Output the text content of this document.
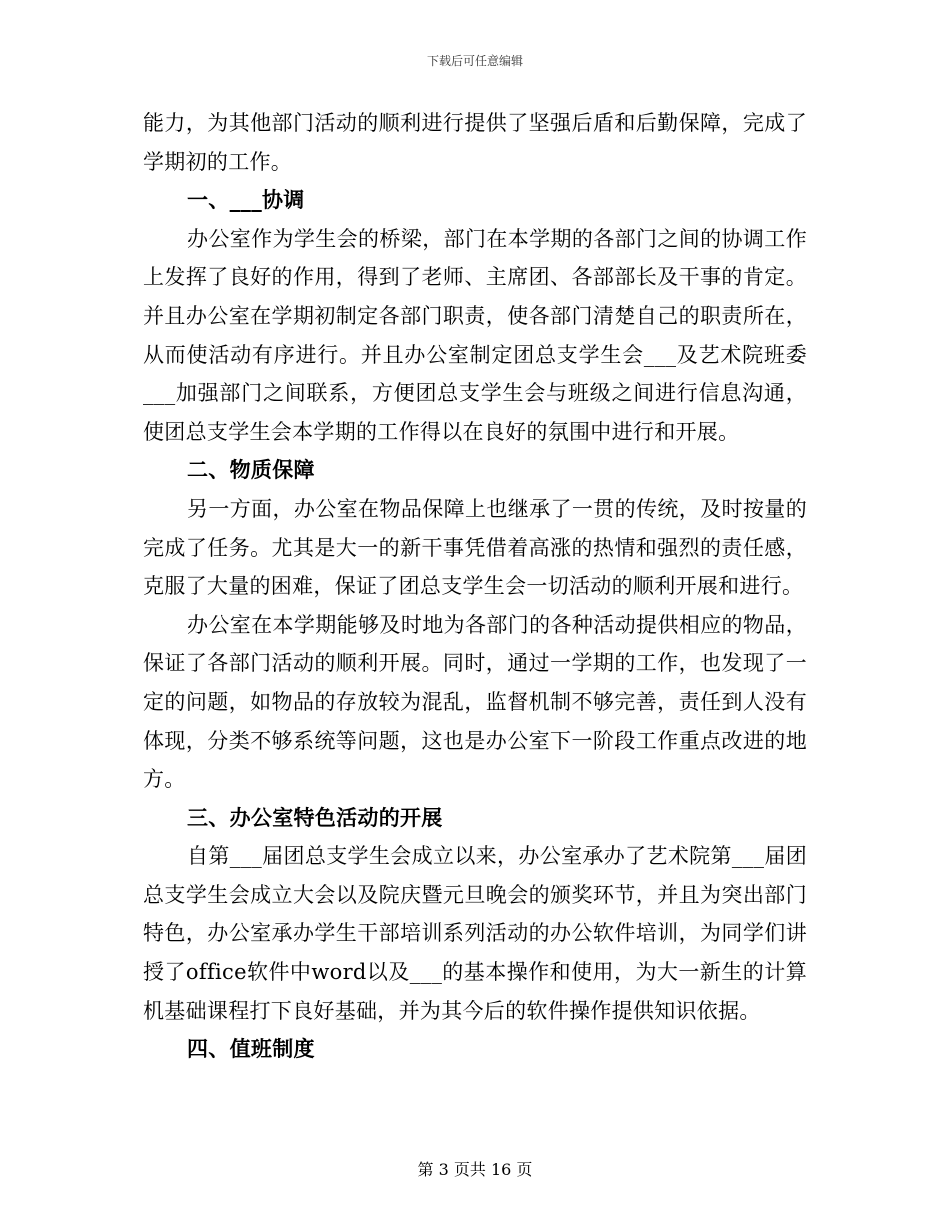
下载后可任意编辑

能力，为其他部门活动的顺利进行提供了坚强后盾和后勤保障，完成了学期初的工作。

一、___协调

办公室作为学生会的桥梁，部门在本学期的各部门之间的协调工作上发挥了良好的作用，得到了老师、主席团、各部部长及干事的肯定。并且办公室在学期初制定各部门职责，使各部门清楚自己的职责所在，从而使活动有序进行。并且办公室制定团总支学生会___及艺术院班委___加强部门之间联系，方便团总支学生会与班级之间进行信息沟通，使团总支学生会本学期的工作得以在良好的氛围中进行和开展。

二、物质保障

另一方面，办公室在物品保障上也继承了一贯的传统，及时按量的完成了任务。尤其是大一的新干事凭借着高涨的热情和强烈的责任感，克服了大量的困难，保证了团总支学生会一切活动的顺利开展和进行。

办公室在本学期能够及时地为各部门的各种活动提供相应的物品，保证了各部门活动的顺利开展。同时，通过一学期的工作，也发现了一定的问题，如物品的存放较为混乱，监督机制不够完善，责任到人没有体现，分类不够系统等问题，这也是办公室下一阶段工作重点改进的地方。

三、办公室特色活动的开展

自第___届团总支学生会成立以来，办公室承办了艺术院第___届团总支学生会成立大会以及院庆暨元旦晚会的颁奖环节，并且为突出部门特色，办公室承办学生干部培训系列活动的办公软件培训，为同学们讲授了office软件中word以及___的基本操作和使用，为大一新生的计算机基础课程打下良好基础，并为其今后的软件操作提供知识依据。

四、值班制度

第 3 页共 16 页
